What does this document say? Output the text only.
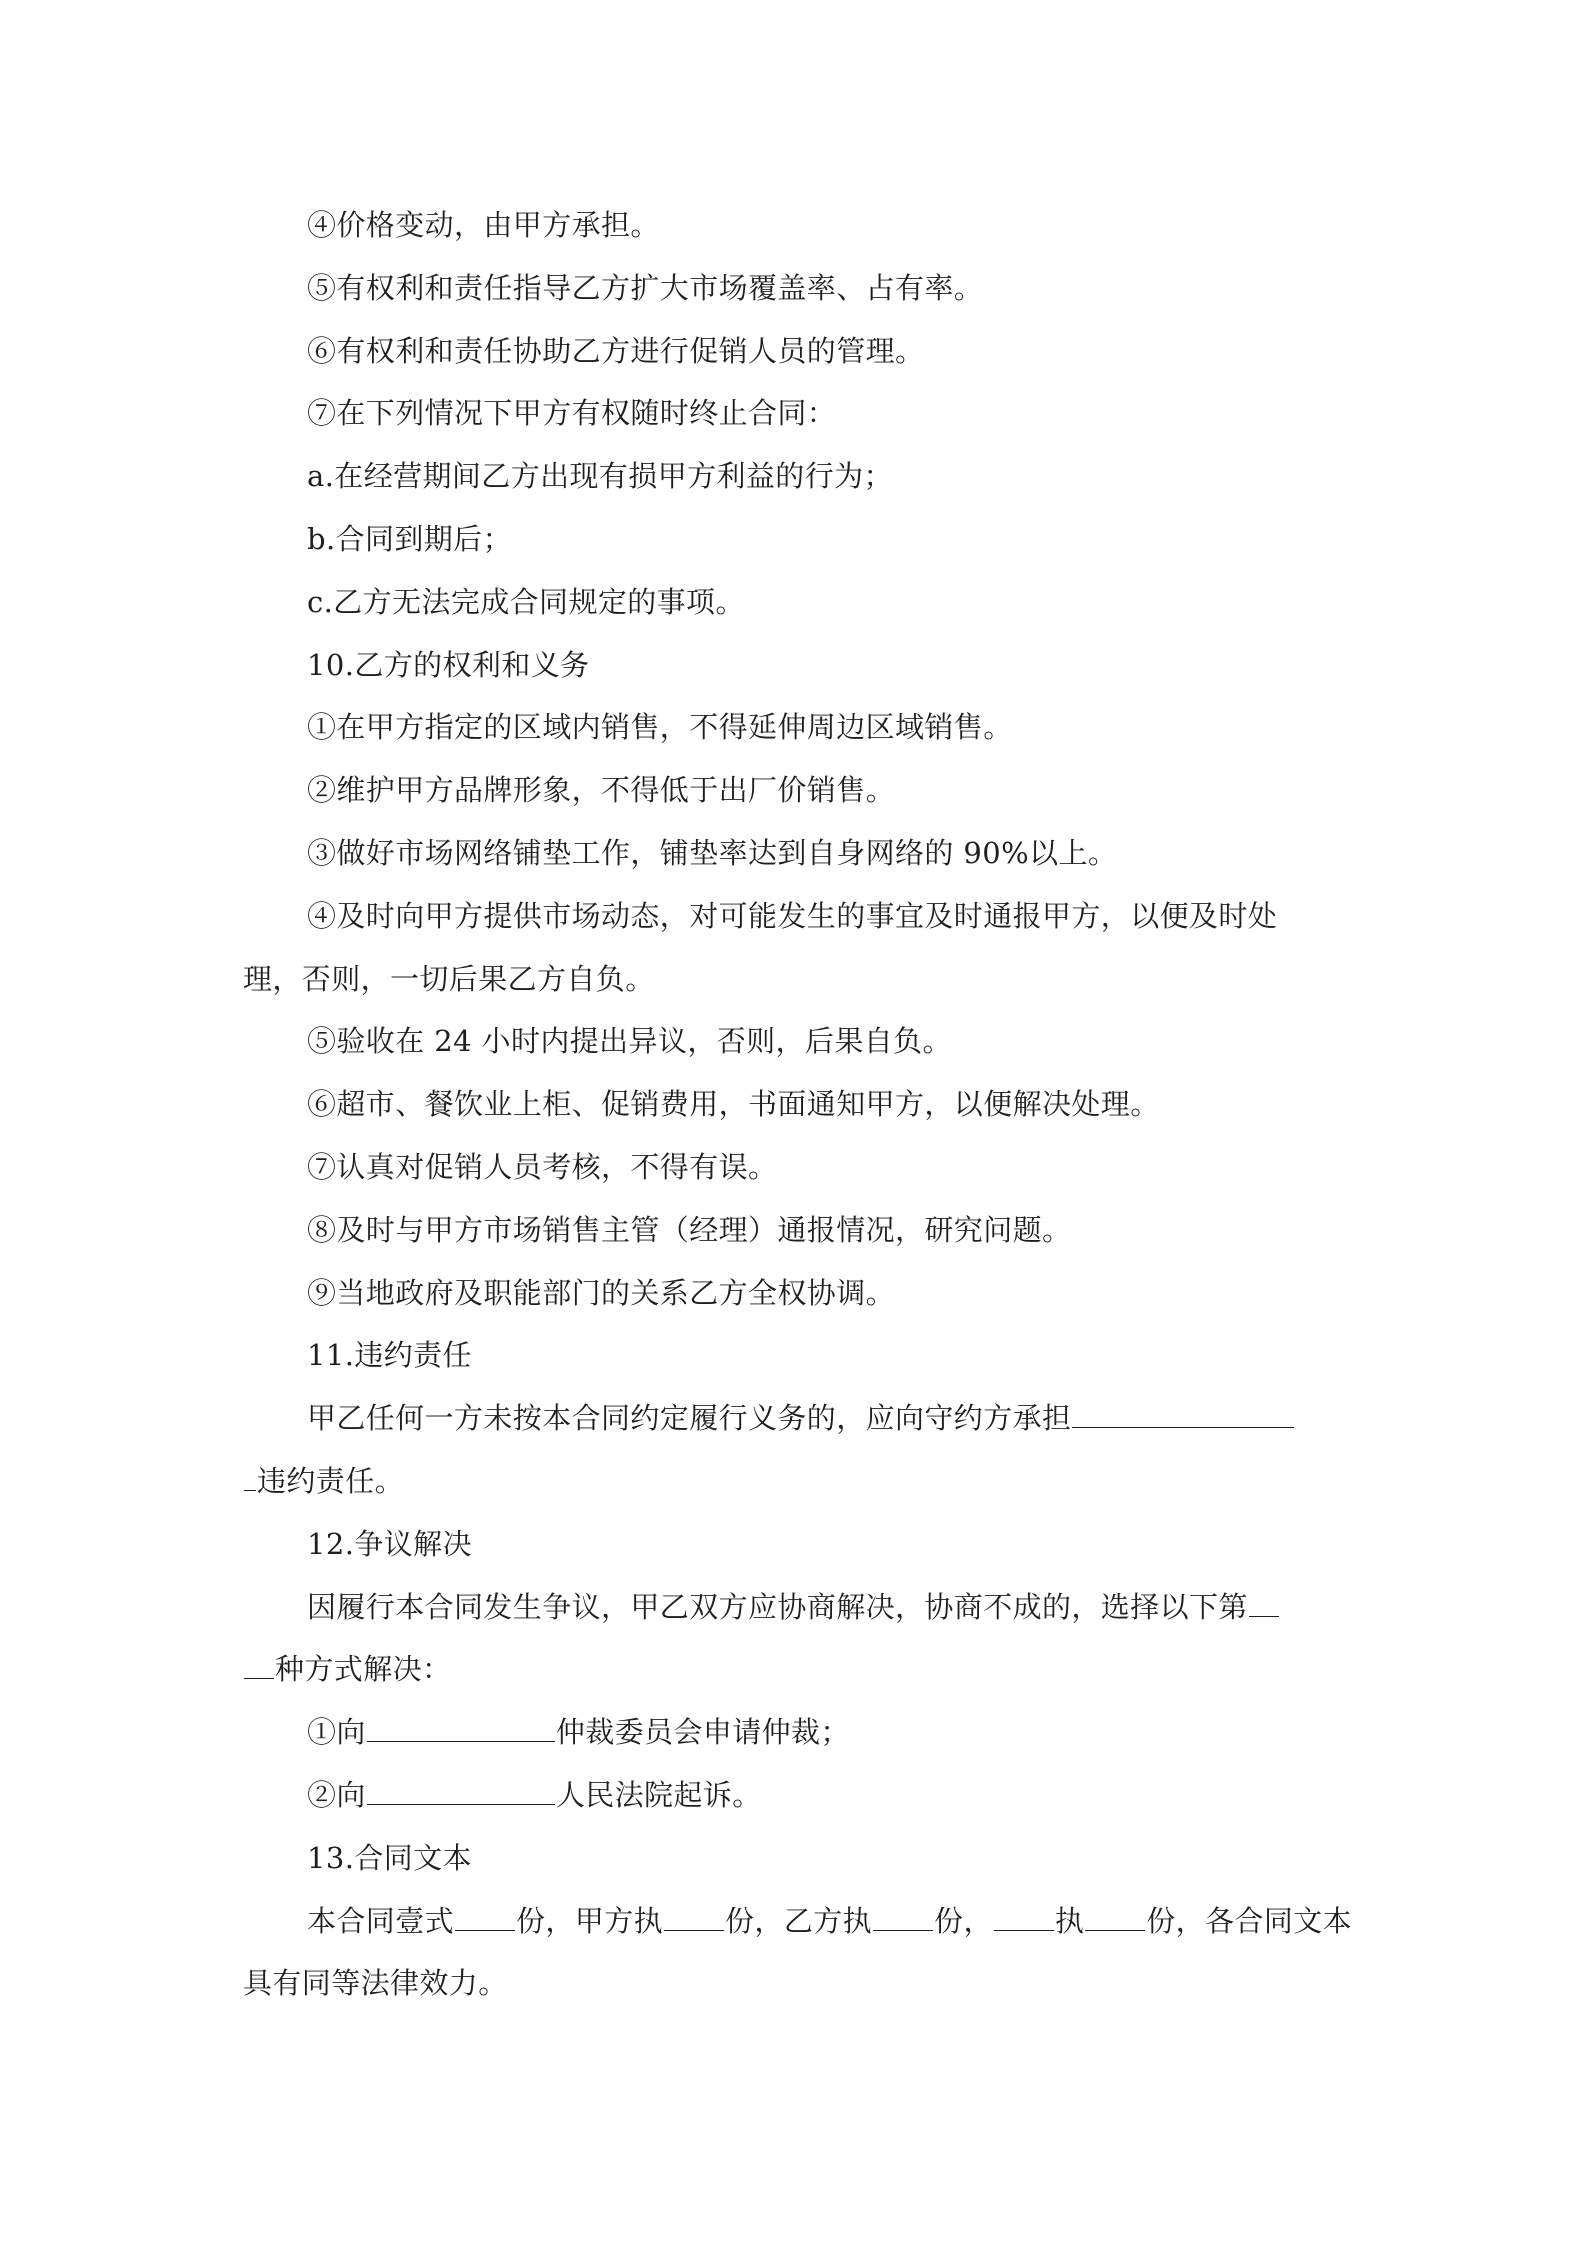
④价格变动，由甲方承担。
⑤有权利和责任指导乙方扩大市场覆盖率、占有率。
⑥有权利和责任协助乙方进行促销人员的管理。
⑦在下列情况下甲方有权随时终止合同：
a.在经营期间乙方出现有损甲方利益的行为；
b.合同到期后；
c.乙方无法完成合同规定的事项。
10.乙方的权利和义务
①在甲方指定的区域内销售，不得延伸周边区域销售。
②维护甲方品牌形象，不得低于出厂价销售。
③做好市场网络铺垫工作，铺垫率达到自身网络的 90%以上。
④及时向甲方提供市场动态，对可能发生的事宜及时通报甲方，以便及时处
理，否则，一切后果乙方自负。
⑤验收在 24 小时内提出异议，否则，后果自负。
⑥超市、餐饮业上柜、促销费用，书面通知甲方，以便解决处理。
⑦认真对促销人员考核，不得有误。
⑧及时与甲方市场销售主管（经理）通报情况，研究问题。
⑨当地政府及职能部门的关系乙方全权协调。
11.违约责任
甲乙任何一方未按本合同约定履行义务的，应向守约方承担
违约责任。
12.争议解决
因履行本合同发生争议，甲乙双方应协商解决，协商不成的，选择以下第
种方式解决：
①向	仲裁委员会申请仲裁；
②向	人民法院起诉。
13.合同文本
本合同壹式 份，甲方执 份，乙方执 份， 执 份，各合同文本
具有同等法律效力。
